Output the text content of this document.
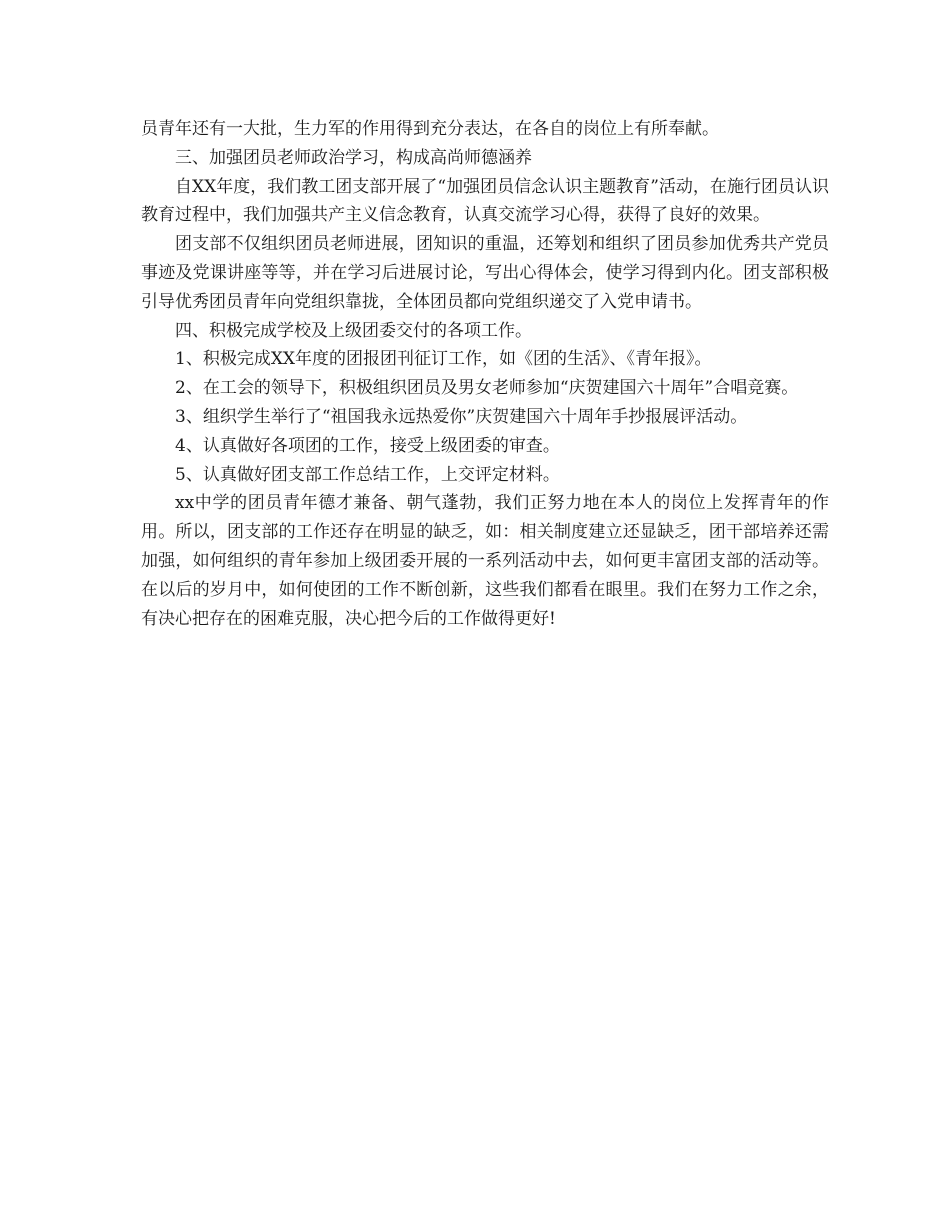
员青年还有一大批，生力军的作用得到充分表达，在各自的岗位上有所奉献。

三、加强团员老师政治学习，构成高尚师德涵养

自XX年度，我们教工团支部开展了“加强团员信念认识主题教育”活动，在施行团员认识教育过程中，我们加强共产主义信念教育，认真交流学习心得，获得了良好的效果。

团支部不仅组织团员老师进展，团知识的重温，还筹划和组织了团员参加优秀共产党员事迹及党课讲座等等，并在学习后进展讨论，写出心得体会，使学习得到内化。团支部积极引导优秀团员青年向党组织靠拢，全体团员都向党组织递交了入党申请书。

四、积极完成学校及上级团委交付的各项工作。

1、积极完成XX年度的团报团刊征订工作，如《团的生活》、《青年报》。

2、在工会的领导下，积极组织团员及男女老师参加“庆贺建国六十周年”合唱竞赛。

3、组织学生举行了“祖国我永远热爱你”庆贺建国六十周年手抄报展评活动。

4、认真做好各项团的工作，接受上级团委的审查。

5、认真做好团支部工作总结工作，上交评定材料。

xx中学的团员青年德才兼备、朝气蓬勃，我们正努力地在本人的岗位上发挥青年的作用。所以，团支部的工作还存在明显的缺乏，如：相关制度建立还显缺乏，团干部培养还需加强，如何组织的青年参加上级团委开展的一系列活动中去，如何更丰富团支部的活动等。在以后的岁月中，如何使团的工作不断创新，这些我们都看在眼里。我们在努力工作之余，有决心把存在的困难克服，决心把今后的工作做得更好!
